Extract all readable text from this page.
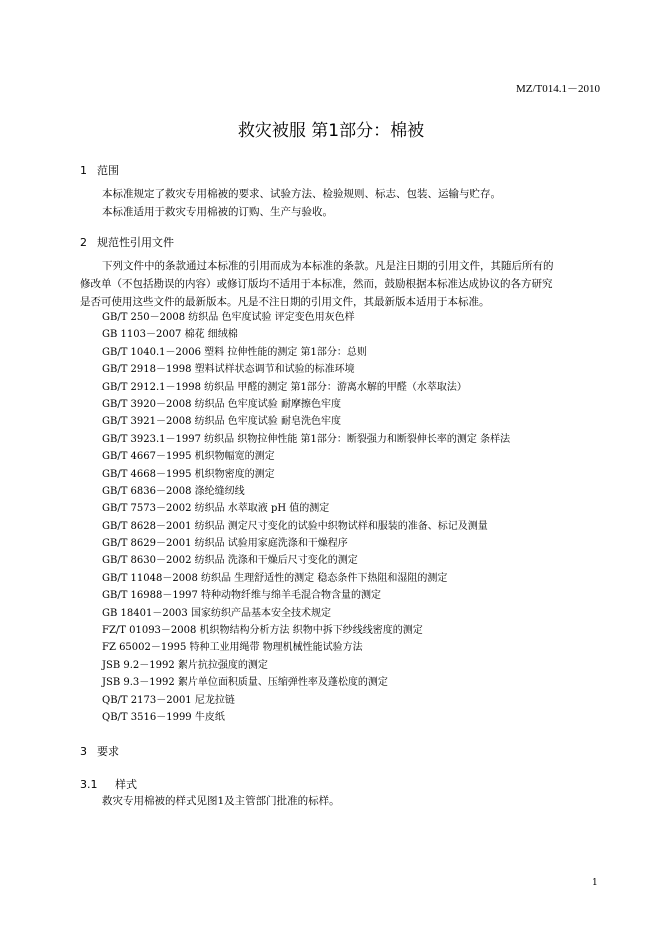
MZ/T014.1－2010
救灾被服 第1部分：棉被
1 范围
本标准规定了救灾专用棉被的要求、试验方法、检验规则、标志、包装、运输与贮存。
本标准适用于救灾专用棉被的订购、生产与验收。
2 规范性引用文件
下列文件中的条款通过本标准的引用而成为本标准的条款。凡是注日期的引用文件，其随后所有的
修改单（不包括勘误的内容）或修订版均不适用于本标准，然而，鼓励根据本标准达成协议的各方研究
是否可使用这些文件的最新版本。凡是不注日期的引用文件，其最新版本适用于本标准。
GB/T 250－2008 纺织品 色牢度试验 评定变色用灰色样
GB 1103－2007 棉花 细绒棉
GB/T 1040.1－2006 塑料 拉伸性能的测定 第1部分：总则
GB/T 2918－1998 塑料试样状态调节和试验的标准环境
GB/T 2912.1－1998 纺织品 甲醛的测定 第1部分：游离水解的甲醛（水萃取法）
GB/T 3920－2008 纺织品 色牢度试验 耐摩擦色牢度
GB/T 3921－2008 纺织品 色牢度试验 耐皂洗色牢度
GB/T 3923.1－1997 纺织品 织物拉伸性能 第1部分：断裂强力和断裂伸长率的测定 条样法
GB/T 4667－1995 机织物幅宽的测定
GB/T 4668－1995 机织物密度的测定
GB/T 6836－2008 涤纶缝纫线
GB/T 7573－2002 纺织品 水萃取液 pH 值的测定
GB/T 8628－2001 纺织品 测定尺寸变化的试验中织物试样和服装的准备、标记及测量
GB/T 8629－2001 纺织品 试验用家庭洗涤和干燥程序
GB/T 8630－2002 纺织品 洗涤和干燥后尺寸变化的测定
GB/T 11048－2008 纺织品 生理舒适性的测定 稳态条件下热阻和湿阻的测定
GB/T 16988－1997 特种动物纤维与绵羊毛混合物含量的测定
GB 18401－2003 国家纺织产品基本安全技术规定
FZ/T 01093－2008 机织物结构分析方法 织物中拆下纱线线密度的测定
FZ 65002－1995 特种工业用绳带 物理机械性能试验方法
JSB 9.2－1992 絮片抗拉强度的测定
JSB 9.3－1992 絮片单位面积质量、压缩弹性率及蓬松度的测定
QB/T 2173－2001 尼龙拉链
QB/T 3516－1999 牛皮纸
3 要求
3.1 样式
救灾专用棉被的样式见图1及主管部门批准的标样。
1
